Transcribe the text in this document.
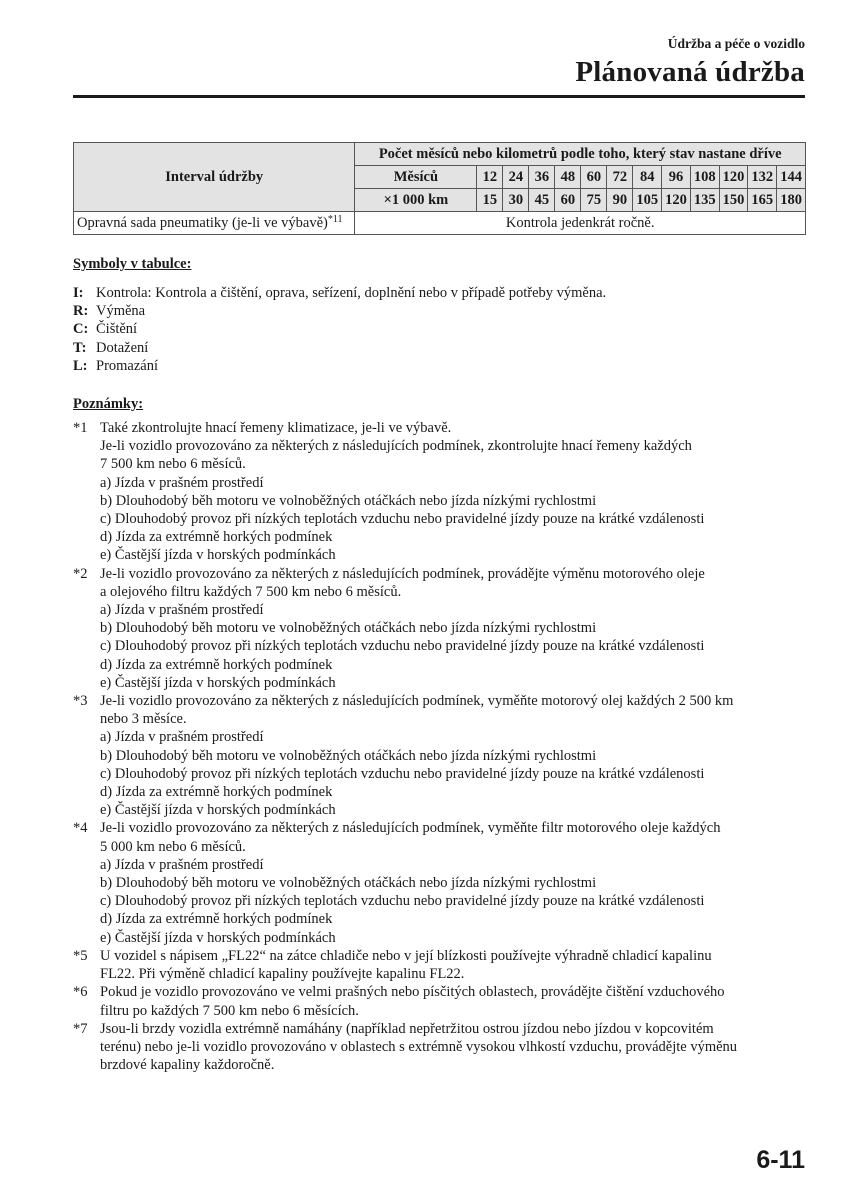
Údržba a péče o vozidlo
Plánovaná údržba
Interval údržby	Počet měsíců nebo kilometrů podle toho, který stav nastane dříve												
	Měsíců	12	24	36	48	60	72	84	96	108	120	132	144
	×1 000 km	15	30	45	60	75	90	105	120	135	150	165	180
Opravná sada pneumatiky (je-li ve výbavě)$^{*11}$	Kontrola jedenkrát ročně.												
Symboly v tabulce:
I: Kontrola: Kontrola a čištění, oprava, seřízení, doplnění nebo v případě potřeby výměna.
R: Výměna
C: Čištění
T: Dotažení
L: Promazání
Poznámky:
*1 Také zkontrolujte hnací řemeny klimatizace, je-li ve výbavě.
Je-li vozidlo provozováno za některých z následujících podmínek, zkontrolujte hnací řemeny každých
7 500 km nebo 6 měsíců.
a) Jízda v prašném prostředí
b) Dlouhodobý běh motoru ve volnoběžných otáčkách nebo jízda nízkými rychlostmi
c) Dlouhodobý provoz při nízkých teplotách vzduchu nebo pravidelné jízdy pouze na krátké vzdálenosti
d) Jízda za extrémně horkých podmínek
e) Častější jízda v horských podmínkách
*2 Je-li vozidlo provozováno za některých z následujících podmínek, provádějte výměnu motorového oleje
a olejového filtru každých 7 500 km nebo 6 měsíců.
a) Jízda v prašném prostředí
b) Dlouhodobý běh motoru ve volnoběžných otáčkách nebo jízda nízkými rychlostmi
c) Dlouhodobý provoz při nízkých teplotách vzduchu nebo pravidelné jízdy pouze na krátké vzdálenosti
d) Jízda za extrémně horkých podmínek
e) Častější jízda v horských podmínkách
*3 Je-li vozidlo provozováno za některých z následujících podmínek, vyměňte motorový olej každých 2 500 km
nebo 3 měsíce.
a) Jízda v prašném prostředí
b) Dlouhodobý běh motoru ve volnoběžných otáčkách nebo jízda nízkými rychlostmi
c) Dlouhodobý provoz při nízkých teplotách vzduchu nebo pravidelné jízdy pouze na krátké vzdálenosti
d) Jízda za extrémně horkých podmínek
e) Častější jízda v horských podmínkách
*4 Je-li vozidlo provozováno za některých z následujících podmínek, vyměňte filtr motorového oleje každých
5 000 km nebo 6 měsíců.
a) Jízda v prašném prostředí
b) Dlouhodobý běh motoru ve volnoběžných otáčkách nebo jízda nízkými rychlostmi
c) Dlouhodobý provoz při nízkých teplotách vzduchu nebo pravidelné jízdy pouze na krátké vzdálenosti
d) Jízda za extrémně horkých podmínek
e) Častější jízda v horských podmínkách
*5 U vozidel s nápisem „FL22“ na zátce chladiče nebo v její blízkosti používejte výhradně chladicí kapalinu
FL22. Při výměně chladicí kapaliny používejte kapalinu FL22.
*6 Pokud je vozidlo provozováno ve velmi prašných nebo písčitých oblastech, provádějte čištění vzduchového
filtru po každých 7 500 km nebo 6 měsících.
*7 Jsou-li brzdy vozidla extrémně namáhány (například nepřetržitou ostrou jízdou nebo jízdou v kopcovitém
terénu) nebo je-li vozidlo provozováno v oblastech s extrémně vysokou vlhkostí vzduchu, provádějte výměnu
brzdové kapaliny každoročně.
6-11
